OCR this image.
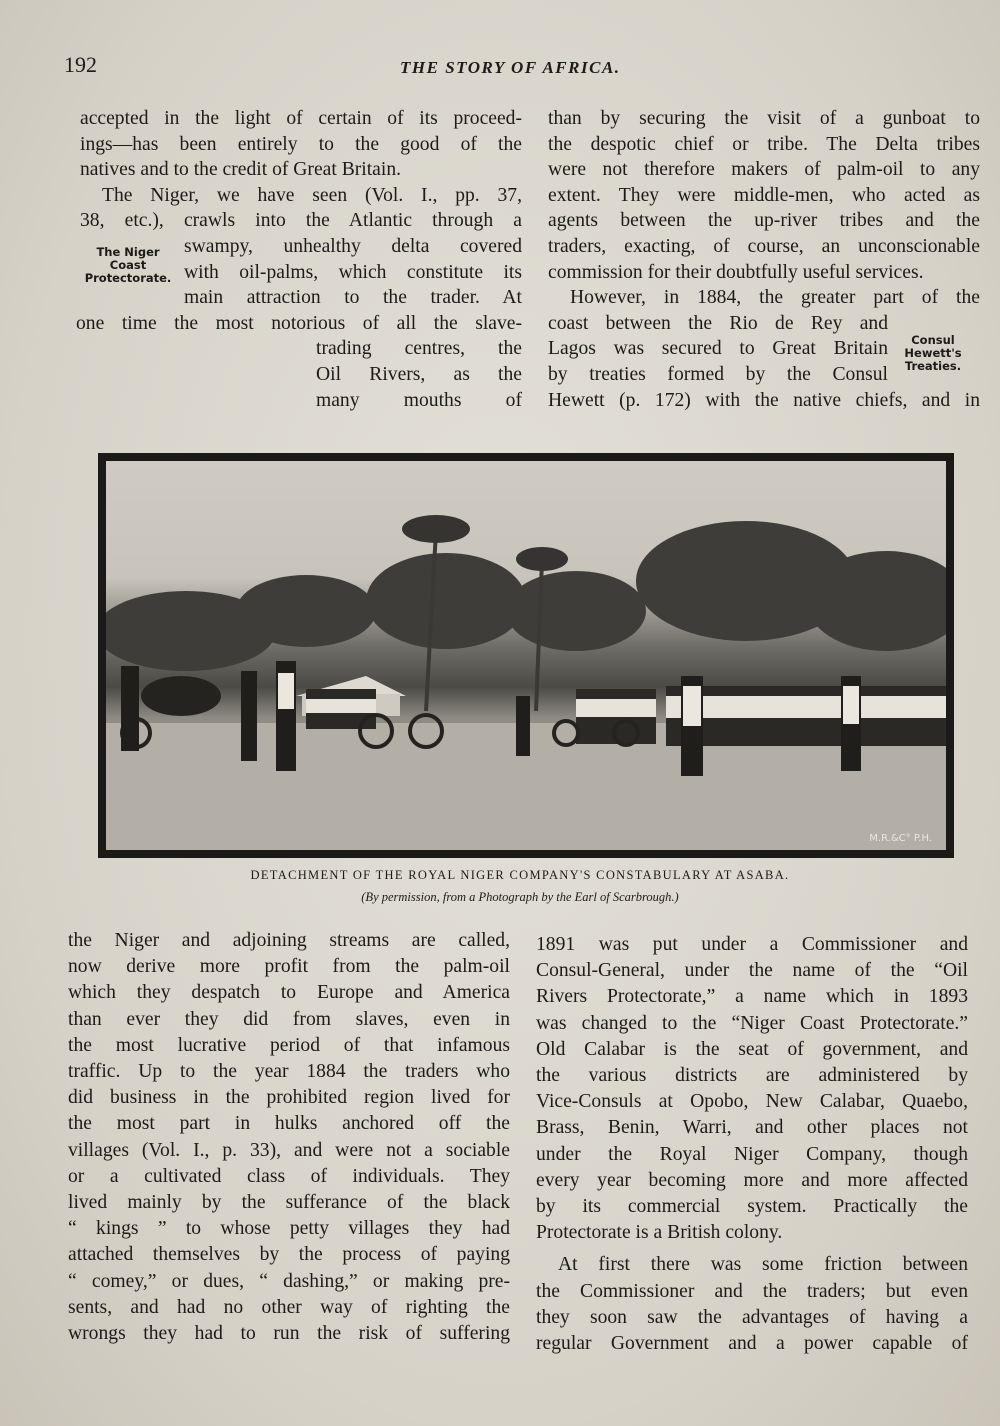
192	THE STORY OF AFRICA.
accepted in the light of certain of its proceed-
ings—has been entirely to the good of the
natives and to the credit of Great Britain.
The Niger, we have seen (Vol. I., pp. 37,
38, etc.), crawls into the Atlantic through a
swampy, unhealthy delta covered
with oil-palms, which constitute its
main attraction to the trader. At
one time the most notorious of all the slave-
trading centres, the
Oil Rivers, as the
many mouths of
The Niger
Coast
Protectorate.
than by securing the visit of a gunboat to
the despotic chief or tribe. The Delta tribes
were not therefore makers of palm-oil to any
extent. They were middle-men, who acted as
agents between the up-river tribes and the
traders, exacting, of course, an unconscionable
commission for their doubtfully useful services.
However, in 1884, the greater part of the
coast between the Rio de Rey and
Lagos was secured to Great Britain
by treaties formed by the Consul
Hewett (p. 172) with the native chiefs, and in
Consul
Hewett's
Treaties.
M.R.&C° P.H.
DETACHMENT OF THE ROYAL NIGER COMPANY'S CONSTABULARY AT ASABA.
(By permission, from a Photograph by the Earl of Scarbrough.)
the Niger and adjoining streams are called,
now derive more profit from the palm-oil
which they despatch to Europe and America
than ever they did from slaves, even in
the most lucrative period of that infamous
traffic. Up to the year 1884 the traders who
did business in the prohibited region lived for
the most part in hulks anchored off the
villages (Vol. I., p. 33), and were not a sociable
or a cultivated class of individuals. They
lived mainly by the sufferance of the black
“ kings ” to whose petty villages they had
attached themselves by the process of paying
“ comey,” or dues, “ dashing,” or making pre-
sents, and had no other way of righting the
wrongs they had to run the risk of suffering
1891 was put under a Commissioner and
Consul-General, under the name of the “Oil
Rivers Protectorate,” a name which in 1893
was changed to the “Niger Coast Protectorate.”
Old Calabar is the seat of government, and
the various districts are administered by
Vice-Consuls at Opobo, New Calabar, Quaebo,
Brass, Benin, Warri, and other places not
under the Royal Niger Company, though
every year becoming more and more affected
by its commercial system. Practically the
Protectorate is a British colony.
At first there was some friction between
the Commissioner and the traders; but even
they soon saw the advantages of having a
regular Government and a power capable of
